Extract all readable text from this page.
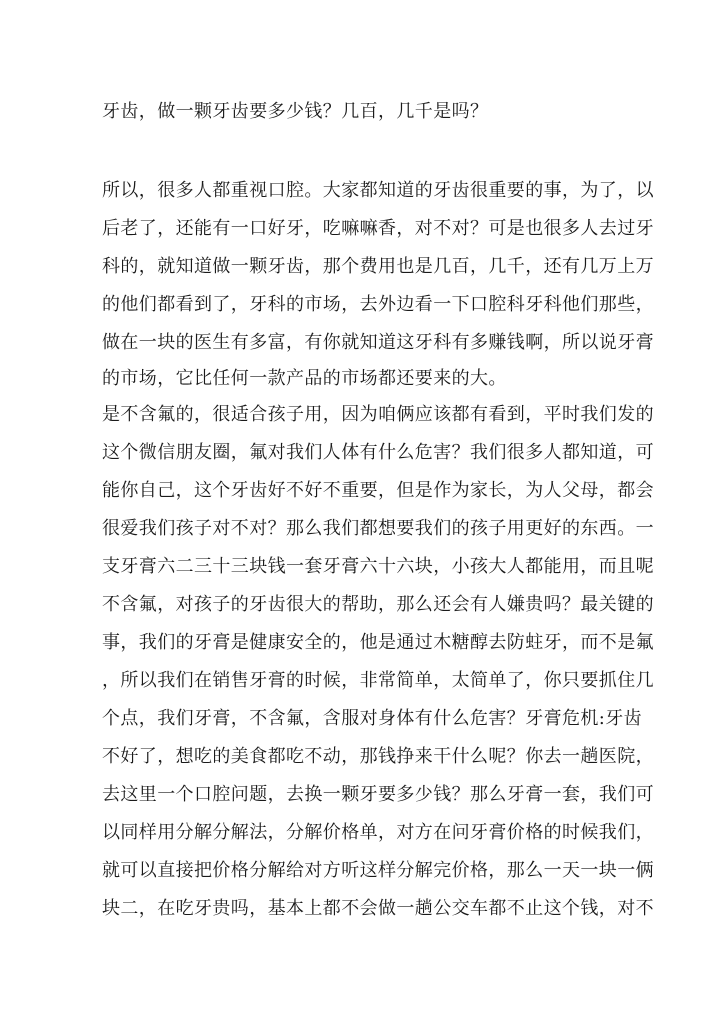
牙齿，做一颗牙齿要多少钱？几百，几千是吗？
所以，很多人都重视口腔。大家都知道的牙齿很重要的事，为了，以
后老了，还能有一口好牙，吃嘛嘛香，对不对？可是也很多人去过牙
科的，就知道做一颗牙齿，那个费用也是几百，几千，还有几万上万
的他们都看到了，牙科的市场，去外边看一下口腔科牙科他们那些，
做在一块的医生有多富，有你就知道这牙科有多赚钱啊，所以说牙膏
的市场，它比任何一款产品的市场都还要来的大。
是不含氟的，很适合孩子用，因为咱俩应该都有看到，平时我们发的
这个微信朋友圈，氟对我们人体有什么危害？我们很多人都知道，可
能你自己，这个牙齿好不好不重要，但是作为家长，为人父母，都会
很爱我们孩子对不对？那么我们都想要我们的孩子用更好的东西。一
支牙膏六二三十三块钱一套牙膏六十六块，小孩大人都能用，而且呢
不含氟，对孩子的牙齿很大的帮助，那么还会有人嫌贵吗？最关键的
事，我们的牙膏是健康安全的，他是通过木糖醇去防蛀牙，而不是氟
，所以我们在销售牙膏的时候，非常简单，太简单了，你只要抓住几
个点，我们牙膏，不含氟，含服对身体有什么危害？牙膏危机:牙齿
不好了，想吃的美食都吃不动，那钱挣来干什么呢？你去一趟医院，
去这里一个口腔问题，去换一颗牙要多少钱？那么牙膏一套，我们可
以同样用分解分解法，分解价格单，对方在问牙膏价格的时候我们，
就可以直接把价格分解给对方听这样分解完价格，那么一天一块一俩
块二，在吃牙贵吗，基本上都不会做一趟公交车都不止这个钱，对不
